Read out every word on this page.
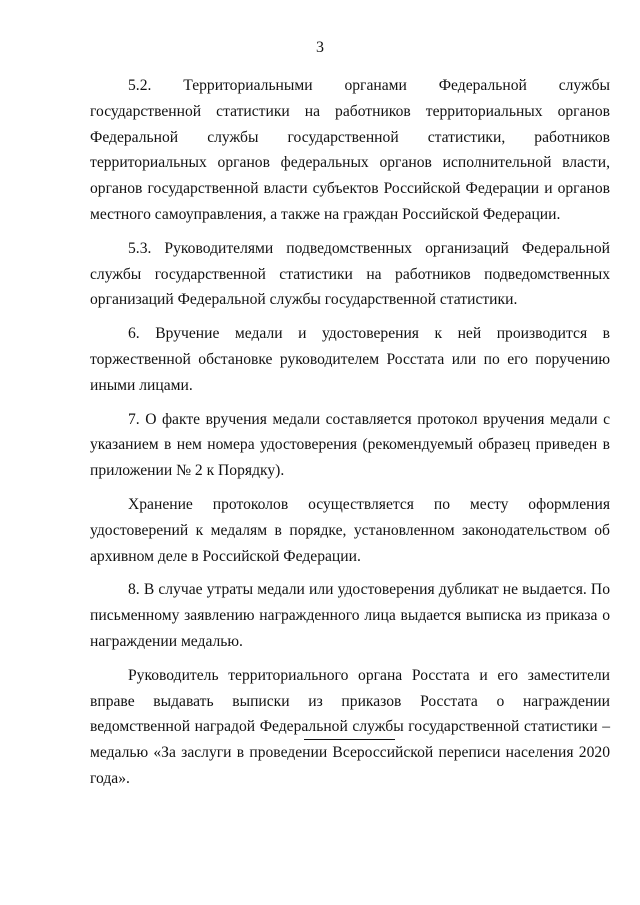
3

5.2. Территориальными органами Федеральной службы государственной статистики на работников территориальных органов Федеральной службы государственной статистики, работников территориальных органов федеральных органов исполнительной власти, органов государственной власти субъектов Российской Федерации и органов местного самоуправления, а также на граждан Российской Федерации.

5.3. Руководителями подведомственных организаций Федеральной службы государственной статистики на работников подведомственных организаций Федеральной службы государственной статистики.

6. Вручение медали и удостоверения к ней производится в торжественной обстановке руководителем Росстата или по его поручению иными лицами.

7. О факте вручения медали составляется протокол вручения медали с указанием в нем номера удостоверения (рекомендуемый образец приведен в приложении № 2 к Порядку).

Хранение протоколов осуществляется по месту оформления удостоверений к медалям в порядке, установленном законодательством об архивном деле в Российской Федерации.

8. В случае утраты медали или удостоверения дубликат не выдается. По письменному заявлению награжденного лица выдается выписка из приказа о награждении медалью.

Руководитель территориального органа Росстата и его заместители вправе выдавать выписки из приказов Росстата о награждении ведомственной наградой Федеральной службы государственной статистики – медалью «За заслуги в проведении Всероссийской переписи населения 2020 года».
